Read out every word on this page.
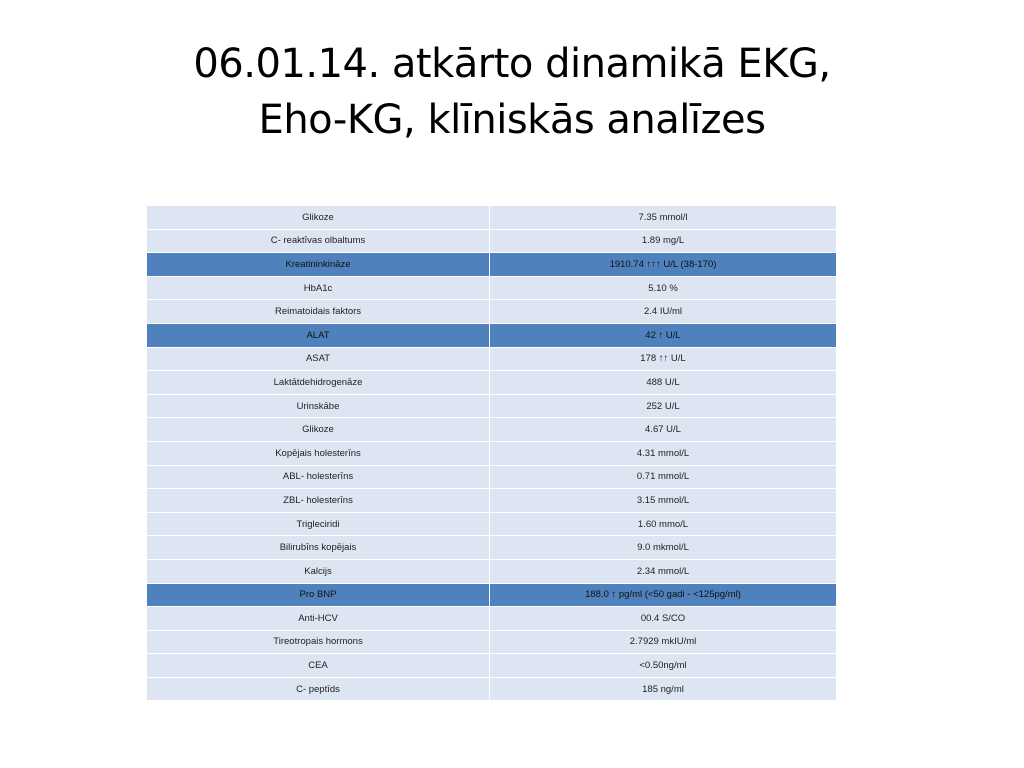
06.01.14. atkārto dinamikā EKG,
Eho-KG, klīniskās analīzes
Glikoze	7.35 mmol/l
C- reaktīvas olbaltums	1.89 mg/L
Kreatininkināze	1910.74 ↑↑↑ U/L (38-170)
HbA1c	5.10 %
Reimatoidais faktors	2.4 IU/ml
ALAT	42 ↑ U/L
ASAT	178 ↑↑ U/L
Laktātdehidrogenāze	488 U/L
Urinskābe	252 U/L
Glikoze	4.67 U/L
Kopējais holesterīns	4.31 mmol/L
ABL- holesterīns	0.71 mmol/L
ZBL- holesterīns	3.15 mmol/L
Trigleciridi	1.60 mmo/L
Bilirubīns kopējais	9.0 mkmol/L
Kalcijs	2.34 mmol/L
Pro BNP	188.0 ↑ pg/ml (<50 gadi - <125pg/ml)
Anti-HCV	00.4 S/CO
Tireotropais hormons	2.7929 mkIU/ml
CEA	<0.50ng/ml
C- peptīds	185 ng/ml
